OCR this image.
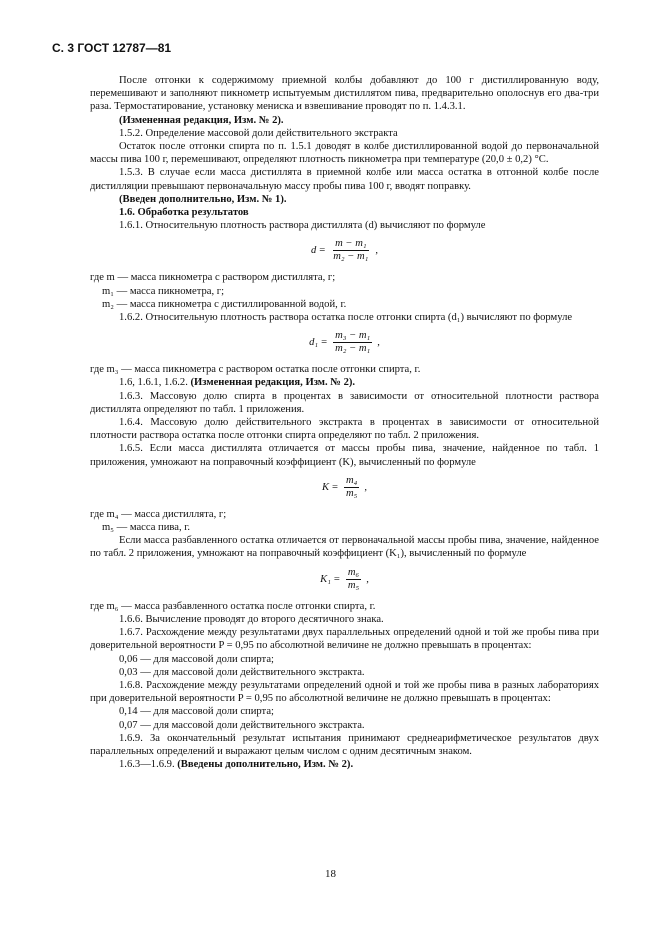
С. 3 ГОСТ 12787—81

После отгонки к содержимому приемной колбы добавляют до 100 г дистиллированную воду, перемешивают и заполняют пикнометр испытуемым дистиллятом пива, предварительно ополоснув его два-три раза. Термостатирование, установку мениска и взвешивание проводят по п. 1.4.3.1.

(Измененная редакция, Изм. № 2).

1.5.2. Определение массовой доли действительного экстракта

Остаток после отгонки спирта по п. 1.5.1 доводят в колбе дистиллированной водой до первоначальной массы пива 100 г, перемешивают, определяют плотность пикнометра при температуре (20,0 ± 0,2) °С.

1.5.3. В случае если масса дистиллята в приемной колбе или масса остатка в отгонной колбе после дистилляции превышают первоначальную массу пробы пива 100 г, вводят поправку.

(Введен дополнительно, Изм. № 1).

1.6. Обработка результатов

1.6.1. Относительную плотность раствора дистиллята (d) вычисляют по формуле

$d = \frac{\text{m − m₁}}{\text{m₂ − m₁}}$ ,

где m — масса пикнометра с раствором дистиллята, г;

m₁ — масса пикнометра, г;

m₂ — масса пикнометра с дистиллированной водой, г.

1.6.2. Относительную плотность раствора остатка после отгонки спирта (d₁) вычисляют по формуле

$d_1 = \frac{\text{m₃ − m₁}}{\text{m₂ − m₁}}$ ,

где m₃ — масса пикнометра с раствором остатка после отгонки спирта, г.

1.6, 1.6.1, 1.6.2. (Измененная редакция, Изм. № 2).

1.6.3. Массовую долю спирта в процентах в зависимости от относительной плотности раствора дистиллята определяют по табл. 1 приложения.

1.6.4. Массовую долю действительного экстракта в процентах в зависимости от относительной плотности раствора остатка после отгонки спирта определяют по табл. 2 приложения.

1.6.5. Если масса дистиллята отличается от массы пробы пива, значение, найденное по табл. 1 приложения, умножают на поправочный коэффициент (K), вычисленный по формуле

$K = \frac{\text{m₄}}{\text{m₅}}$ ,

где m₄ — масса дистиллята, г;

m₅ — масса пива, г.

Если масса разбавленного остатка отличается от первоначальной массы пробы пива, значение, найденное по табл. 2 приложения, умножают на поправочный коэффициент (K₁), вычисленный по формуле

$K_1 = \frac{\text{m₆}}{\text{m₅}}$ ,

где m₆ — масса разбавленного остатка после отгонки спирта, г.

1.6.6. Вычисление проводят до второго десятичного знака.

1.6.7. Расхождение между результатами двух параллельных определений одной и той же пробы пива при доверительной вероятности P = 0,95 по абсолютной величине не должно превышать в процентах:

0,06 — для массовой доли спирта;

0,03 — для массовой доли действительного экстракта.

1.6.8. Расхождение между результатами определений одной и той же пробы пива в разных лабораториях при доверительной вероятности P = 0,95 по абсолютной величине не должно превышать в процентах:

0,14 — для массовой доли спирта;

0,07 — для массовой доли действительного экстракта.

1.6.9. За окончательный результат испытания принимают среднеарифметическое результатов двух параллельных определений и выражают целым числом с одним десятичным знаком.

1.6.3—1.6.9. (Введены дополнительно, Изм. № 2).

18
